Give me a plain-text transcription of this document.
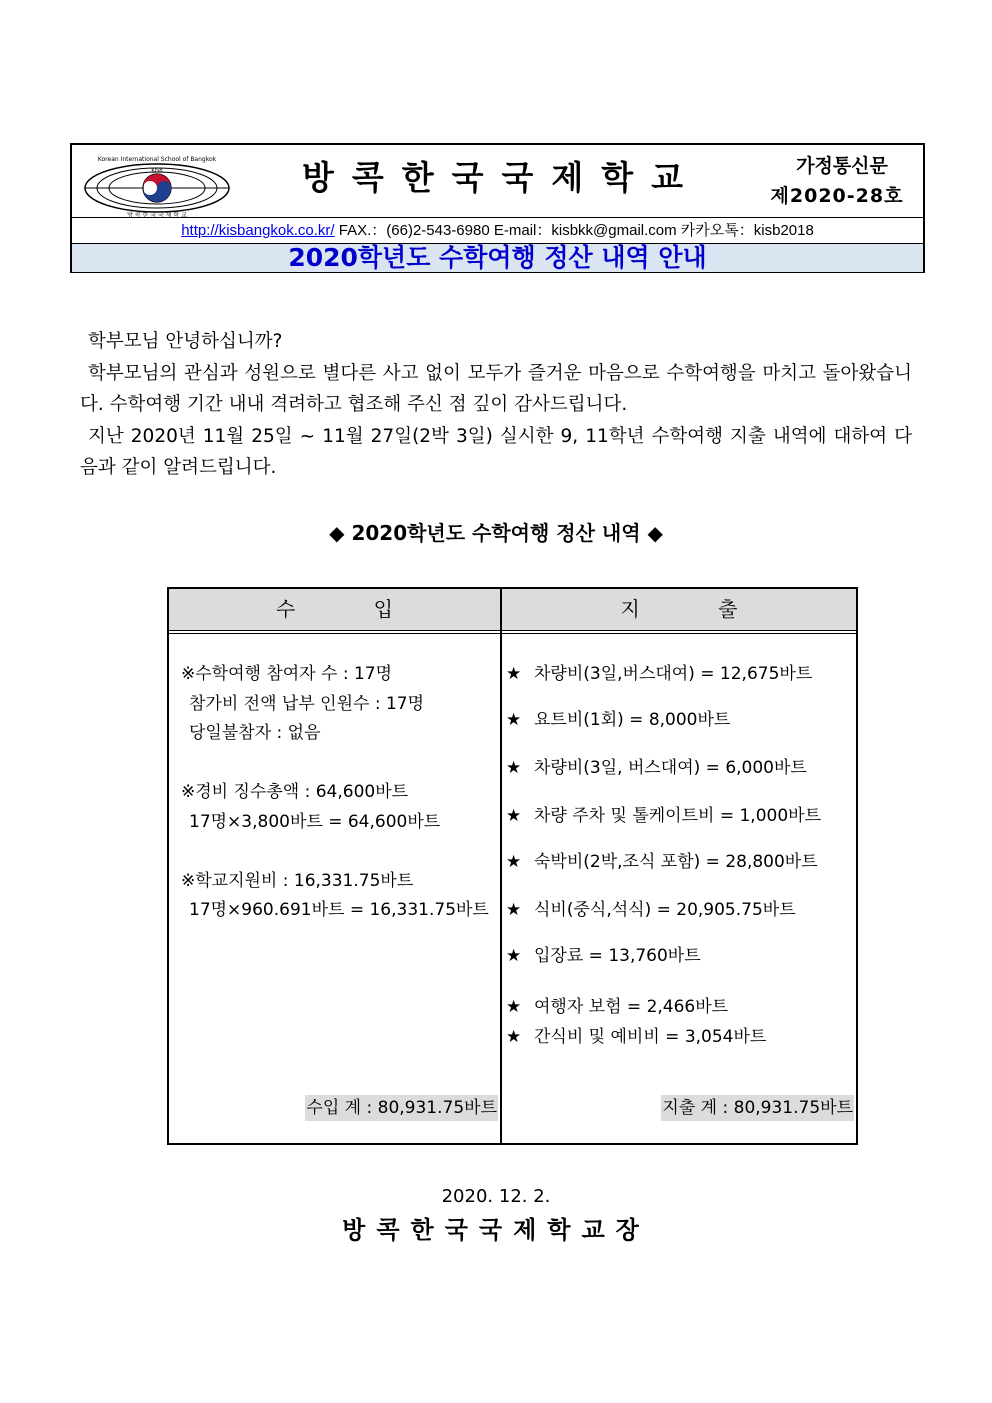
Korean International School of Bangkok
KISB
방 콕 한 국 국 제 학 교
방콕한국국제학교	가정통신문
제2020-28호
http://kisbangkok.co.kr/ FAX.：(66)2-543-6980 E-mail：kisbkk@gmail.com 카카오톡：kisb2018
2020학년도 수학여행 정산 내역 안내

학부모님 안녕하십니까?

학부모님의 관심과 성원으로 별다른 사고 없이 모두가 즐거운 마음으로 수학여행을 마치고 돌아왔습니다. 수학여행 기간 내내 격려하고 협조해 주신 점 깊이 감사드립니다.

지난 2020년 11월 25일 ~ 11월 27일(2박 3일) 실시한 9, 11학년 수학여행 지출 내역에 대하여 다음과 같이 알려드립니다.

◆ 2020학년도 수학여행 정산 내역 ◆
수 입	지 출
※수학여행 참여자 수 : 17명
참가비 전액 납부 인원수 : 17명
당일불참자 : 없음
※경비 징수총액 : 64,600바트
17명×3,800바트 = 64,600바트
※학교지원비 : 16,331.75바트
17명×960.691바트 = 16,331.75바트
★ 차량비(3일,버스대여) = 12,675바트
★ 요트비(1회) = 8,000바트
★ 차량비(3일, 버스대여) = 6,000바트
★ 차량 주차 및 톨케이트비 = 1,000바트
★ 숙박비(2박,조식 포함) = 28,800바트
★ 식비(중식,석식) = 20,905.75바트
★ 입장료 = 13,760바트
★ 여행자 보험 = 2,466바트
★ 간식비 및 예비비 = 3,054바트
수입 계 : 80,931.75바트	지출 계 : 80,931.75바트
2020. 12. 2.
방콕한국국제학교장
